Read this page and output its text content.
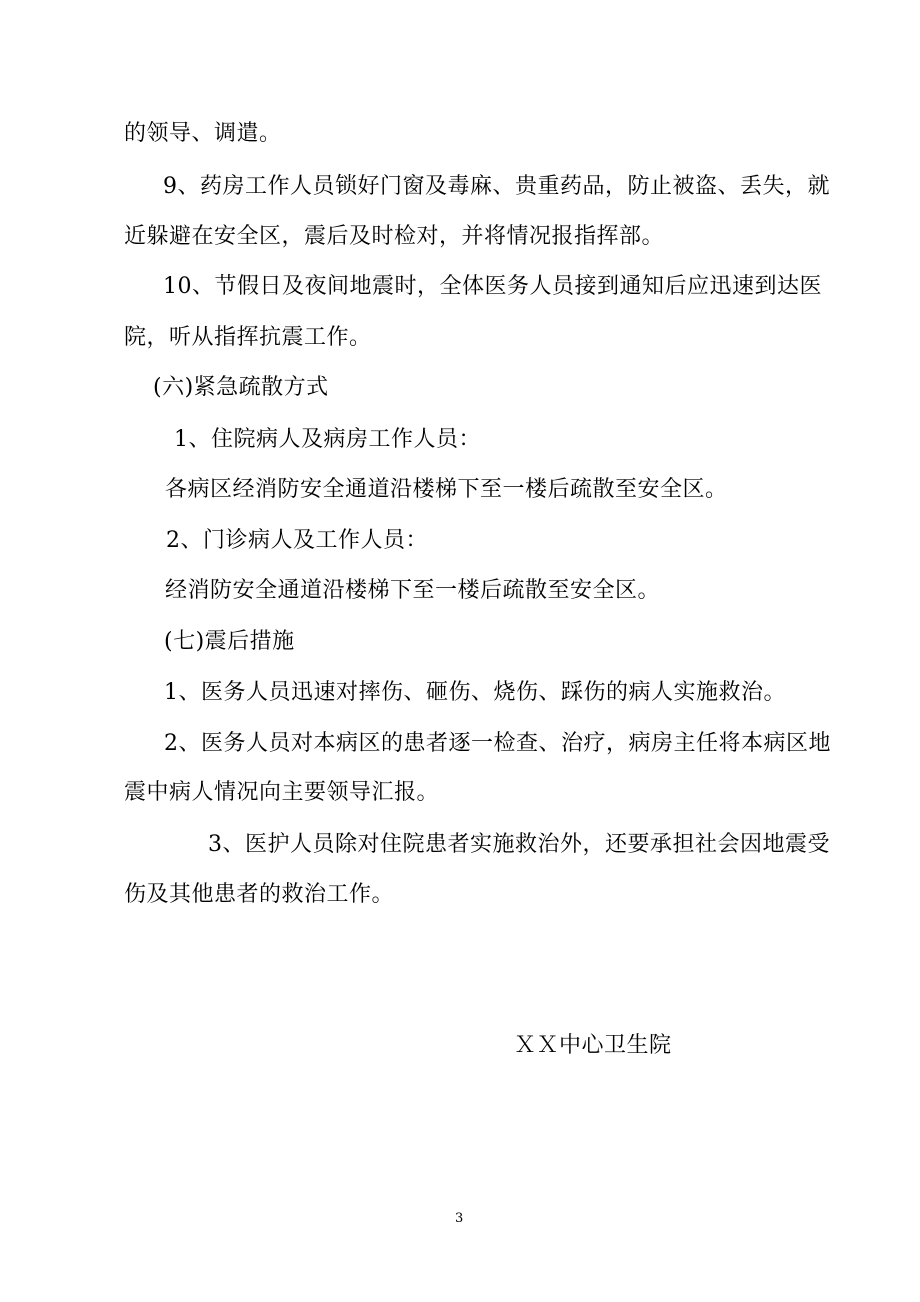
的领导、调遣。
9、药房工作人员锁好门窗及毒麻、贵重药品，防止被盗、丢失，就
近躲避在安全区，震后及时检对，并将情况报指挥部。
10、节假日及夜间地震时，全体医务人员接到通知后应迅速到达医
院，听从指挥抗震工作。
(六)紧急疏散方式
1、住院病人及病房工作人员：
各病区经消防安全通道沿楼梯下至一楼后疏散至安全区。
2、门诊病人及工作人员：
经消防安全通道沿楼梯下至一楼后疏散至安全区。
(七)震后措施
1、医务人员迅速对摔伤、砸伤、烧伤、踩伤的病人实施救治。
2、医务人员对本病区的患者逐一检查、治疗，病房主任将本病区地
震中病人情况向主要领导汇报。
3、医护人员除对住院患者实施救治外，还要承担社会因地震受
伤及其他患者的救治工作。
ＸＸ中心卫生院
3
